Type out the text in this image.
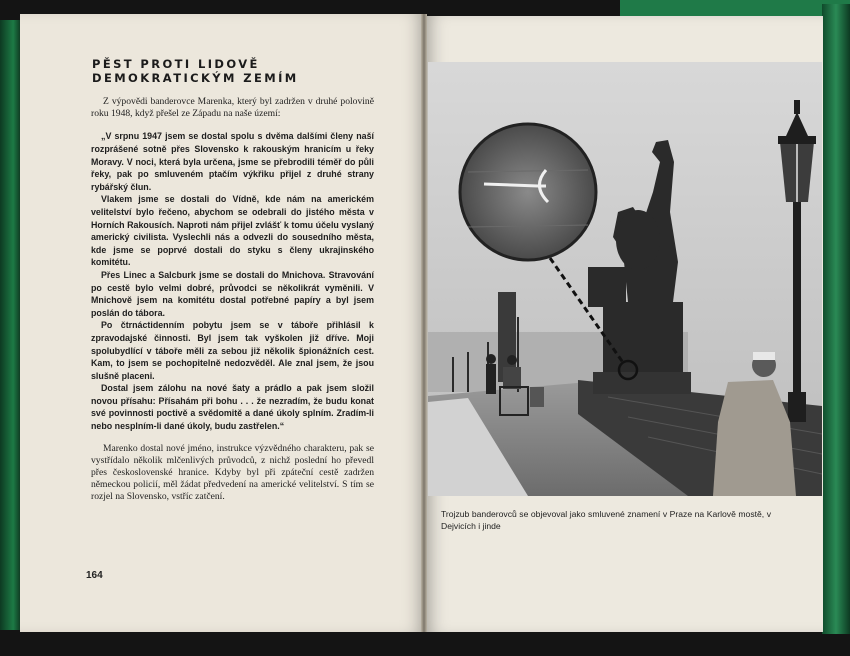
PĚST PROTI LIDOVĚ
DEMOKRATICKÝM ZEMÍM

Z výpovědi banderovce Marenka, který byl zadržen v druhé polovině roku 1948, když přešel ze Západu na naše území:

„V srpnu 1947 jsem se dostal spolu s dvěma dalšími členy naší rozprášené sotně přes Slovensko k rakouským hranicím u řeky Moravy. V noci, která byla určena, jsme se přebrodili téměř do půli řeky, pak po smluveném ptačím výkřiku přijel z druhé strany rybářský člun.

Vlakem jsme se dostali do Vídně, kde nám na americkém velitelství bylo řečeno, abychom se odebrali do jistého města v Horních Rakousích. Naproti nám přijel zvlášť k tomu účelu vyslaný americký civilista. Vyslechli nás a odvezli do sousedního města, kde jsme se poprvé dostali do styku s členy ukrajinského komitétu.

Přes Linec a Salcburk jsme se dostali do Mnichova. Stravování po cestě bylo velmi dobré, průvodci se několikrát vyměnili. V Mnichově jsem na komitétu dostal potřebné papíry a byl jsem poslán do tábora.

Po čtrnáctidenním pobytu jsem se v táboře přihlásil k zpravodajské činnosti. Byl jsem tak vyškolen již dříve. Moji spolubydlící v táboře měli za sebou již několik špionážních cest. Kam, to jsem se pochopitelně nedozvěděl. Ale znal jsem, že jsou slušně placeni.

Dostal jsem zálohu na nové šaty a prádlo a pak jsem složil novou přísahu: Přísahám při bohu . . . že nezradím, že budu konat své povinnosti poctivě a svědomitě a dané úkoly splním. Zradím-li nebo nesplním-li dané úkoly, budu zastřelen.“

Marenko dostal nové jméno, instrukce výzvědného charakteru, pak se vystřídalo několik mlčenlivých průvodců, z nichž poslední ho převedl přes československé hranice. Kdyby byl při zpáteční cestě zadržen německou policií, měl žádat předvedení na americké velitelství. S tím se rozjel na Slovensko, vstříc zatčení.

164
Trojzub banderovců se objevoval jako smluvené znamení v Praze na Karlově mostě, v Dejvicích i jinde
